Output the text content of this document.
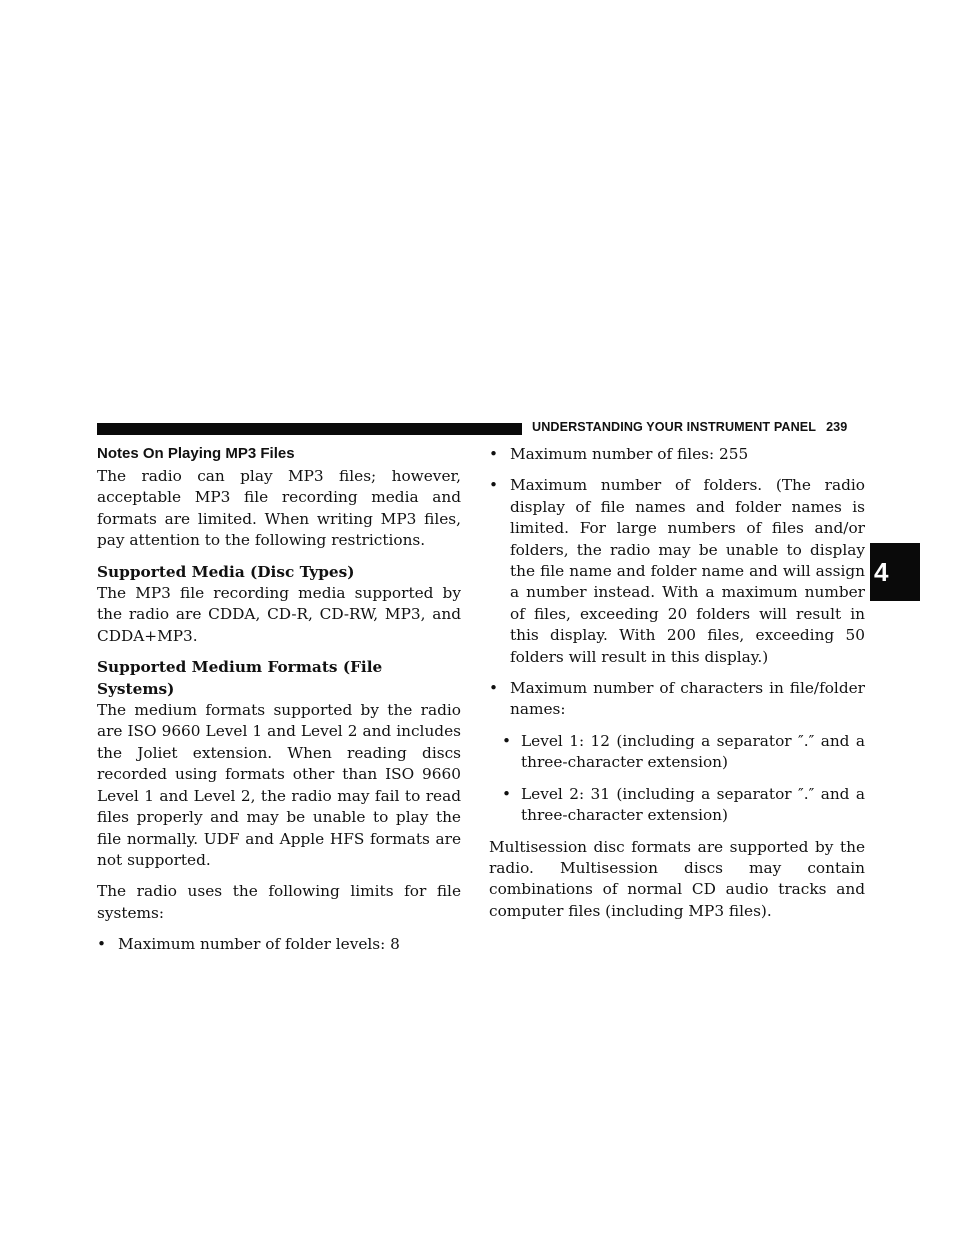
UNDERSTANDING YOUR INSTRUMENT PANEL 239
4
Notes On Playing MP3 Files

The radio can play MP3 files; however, acceptable MP3 file recording media and formats are limited. When writing MP3 files, pay attention to the following restrictions.

Supported Media (Disc Types)

The MP3 file recording media supported by the radio are CDDA, CD-R, CD-RW, MP3, and CDDA+MP3.

Supported Medium Formats (File Systems)

The medium formats supported by the radio are ISO 9660 Level 1 and Level 2 and includes the Joliet extension. When reading discs recorded using formats other than ISO 9660 Level 1 and Level 2, the radio may fail to read files properly and may be unable to play the file normally. UDF and Apple HFS formats are not supported.

The radio uses the following limits for file systems:

• Maximum number of folder levels: 8
• Maximum number of files: 255
• Maximum number of folders. (The radio display of file names and folder names is limited. For large numbers of files and/or folders, the radio may be unable to display the file name and folder name and will assign a number instead. With a maximum number of files, exceeding 20 folders will result in this display. With 200 files, exceeding 50 folders will result in this display.)
• Maximum number of characters in file/folder names:
• Level 1: 12 (including a separator ″.″ and a three-character extension)
• Level 2: 31 (including a separator ″.″ and a three-character extension)

Multisession disc formats are supported by the radio. Multisession discs may contain combinations of normal CD audio tracks and computer files (including MP3 files).
